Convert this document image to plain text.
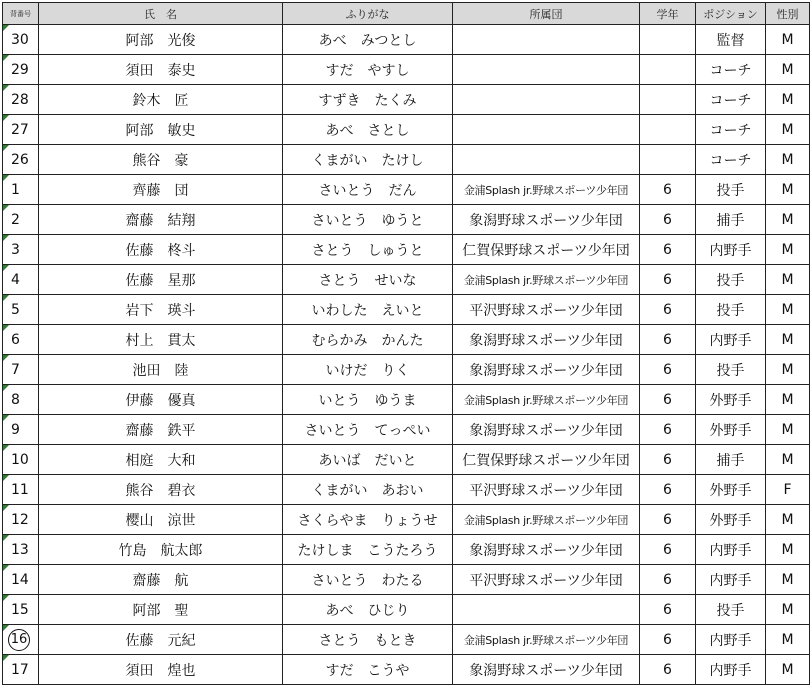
背番号	氏　名	ふりがな	所属団	学年	ポジション	性別
30	阿部　光俊	あべ　みつとし			監督	M
29	須田　泰史	すだ　やすし			コーチ	M
28	鈴木　匠	すずき　たくみ			コーチ	M
27	阿部　敏史	あべ　さとし			コーチ	M
26	熊谷　豪	くまがい　たけし			コーチ	M
1	齊藤　団	さいとう　だん	金浦Splash jr.野球スポーツ少年団	6	投手	M
2	齋藤　結翔	さいとう　ゆうと	象潟野球スポーツ少年団	6	捕手	M
3	佐藤　柊斗	さとう　しゅうと	仁賀保野球スポーツ少年団	6	内野手	M
4	佐藤　星那	さとう　せいな	金浦Splash jr.野球スポーツ少年団	6	投手	M
5	岩下　瑛斗	いわした　えいと	平沢野球スポーツ少年団	6	投手	M
6	村上　貫太	むらかみ　かんた	象潟野球スポーツ少年団	6	内野手	M
7	池田　陸	いけだ　りく	象潟野球スポーツ少年団	6	投手	M
8	伊藤　優真	いとう　ゆうま	金浦Splash jr.野球スポーツ少年団	6	外野手	M
9	齋藤　鉄平	さいとう　てっぺい	象潟野球スポーツ少年団	6	外野手	M
10	相庭　大和	あいば　だいと	仁賀保野球スポーツ少年団	6	捕手	M
11	熊谷　碧衣	くまがい　あおい	平沢野球スポーツ少年団	6	外野手	F
12	樱山　涼世	さくらやま　りょうせ	金浦Splash jr.野球スポーツ少年団	6	外野手	M
13	竹島　航太郎	たけしま　こうたろう	象潟野球スポーツ少年団	6	内野手	M
14	齋藤　航	さいとう　わたる	平沢野球スポーツ少年団	6	内野手	M
15	阿部　聖	あべ　ひじり		6	投手	M
16	佐藤　元紀	さとう　もとき	金浦Splash jr.野球スポーツ少年団	6	内野手	M
17	須田　煌也	すだ　こうや	象潟野球スポーツ少年団	6	内野手	M
